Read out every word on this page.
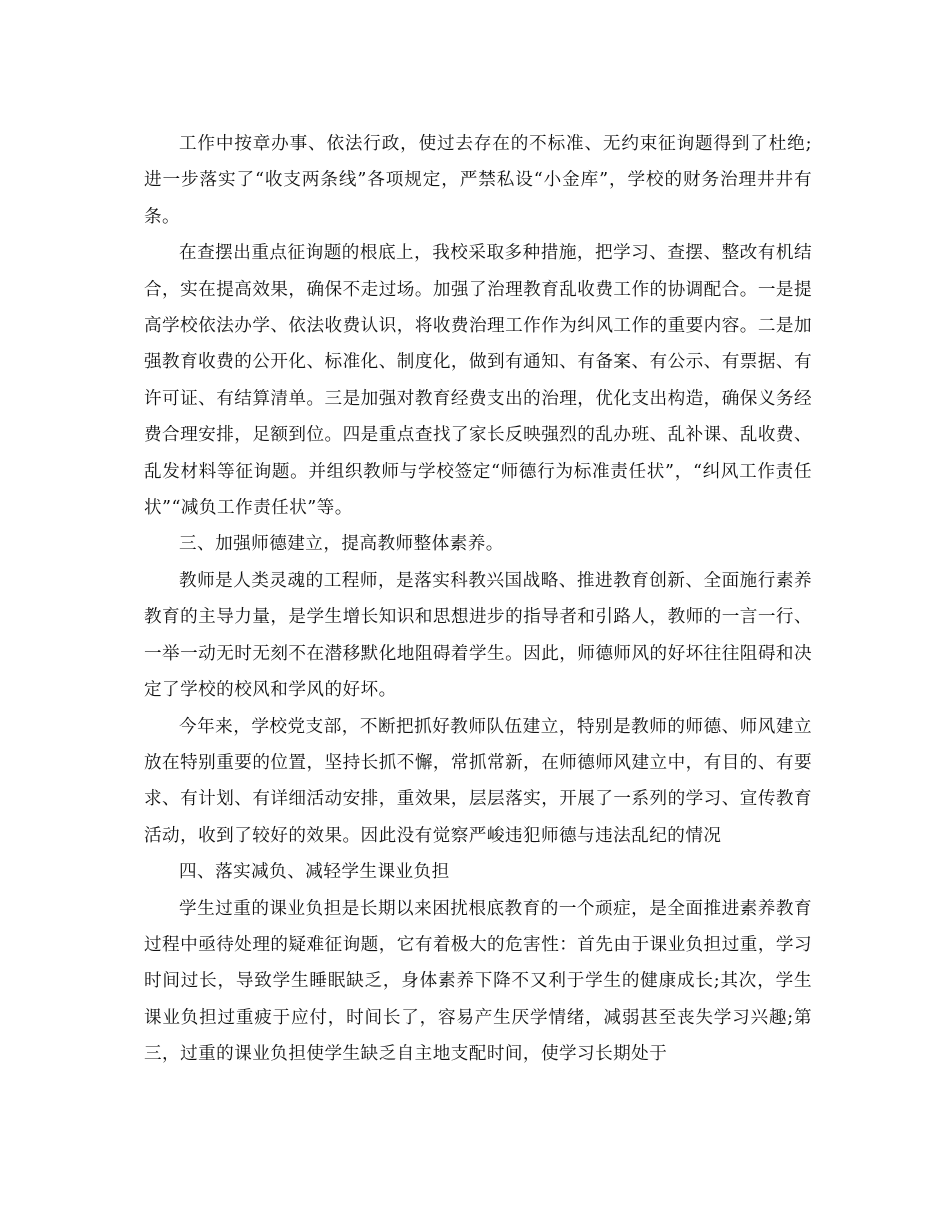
工作中按章办事、依法行政，使过去存在的不标准、无约束征询题得到了杜绝;进一步落实了“收支两条线”各项规定，严禁私设“小金库”，学校的财务治理井井有条。

在查摆出重点征询题的根底上，我校采取多种措施，把学习、查摆、整改有机结合，实在提高效果，确保不走过场。加强了治理教育乱收费工作的协调配合。一是提高学校依法办学、依法收费认识，将收费治理工作作为纠风工作的重要内容。二是加强教育收费的公开化、标准化、制度化，做到有通知、有备案、有公示、有票据、有许可证、有结算清单。三是加强对教育经费支出的治理，优化支出构造，确保义务经费合理安排，足额到位。四是重点查找了家长反映强烈的乱办班、乱补课、乱收费、乱发材料等征询题。并组织教师与学校签定“师德行为标准责任状”，“纠风工作责任状”“减负工作责任状”等。

三、加强师德建立，提高教师整体素养。

教师是人类灵魂的工程师，是落实科教兴国战略、推进教育创新、全面施行素养教育的主导力量，是学生增长知识和思想进步的指导者和引路人，教师的一言一行、一举一动无时无刻不在潜移默化地阻碍着学生。因此，师德师风的好坏往往阻碍和决定了学校的校风和学风的好坏。

今年来，学校党支部，不断把抓好教师队伍建立，特别是教师的师德、师风建立放在特别重要的位置，坚持长抓不懈，常抓常新，在师德师风建立中，有目的、有要求、有计划、有详细活动安排，重效果，层层落实，开展了一系列的学习、宣传教育活动，收到了较好的效果。因此没有觉察严峻违犯师德与违法乱纪的情况

四、落实减负、减轻学生课业负担

学生过重的课业负担是长期以来困扰根底教育的一个顽症，是全面推进素养教育过程中亟待处理的疑难征询题，它有着极大的危害性：首先由于课业负担过重，学习时间过长，导致学生睡眠缺乏，身体素养下降不又利于学生的健康成长;其次，学生课业负担过重疲于应付，时间长了，容易产生厌学情绪，减弱甚至丧失学习兴趣;第三，过重的课业负担使学生缺乏自主地支配时间，使学习长期处于
